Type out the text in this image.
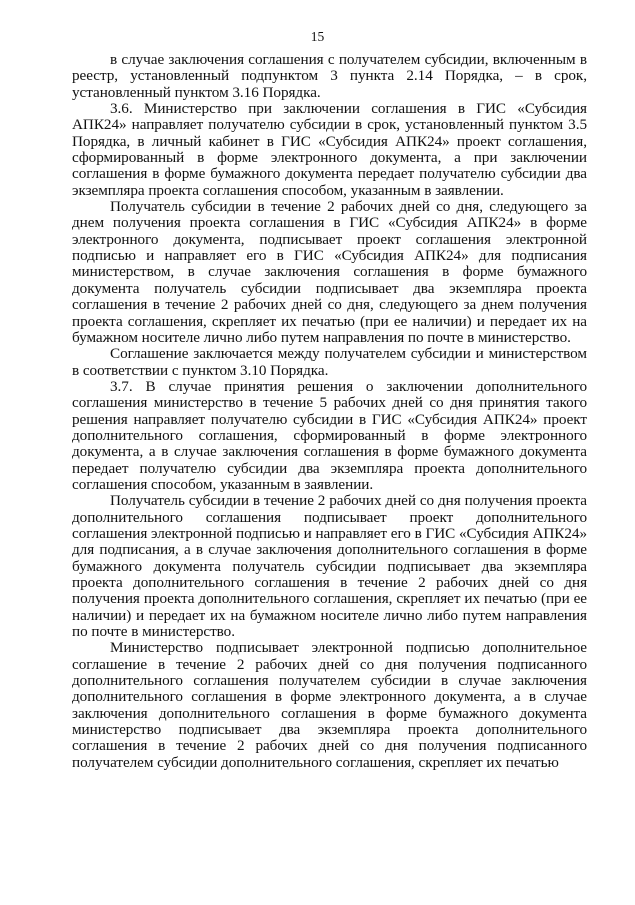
15

в случае заключения соглашения с получателем субсидии, включенным в реестр, установленный подпунктом 3 пункта 2.14 Порядка, – в срок, установленный пунктом 3.16 Порядка.

3.6. Министерство при заключении соглашения в ГИС «Субсидия АПК24» направляет получателю субсидии в срок, установленный пунктом 3.5 Порядка, в личный кабинет в ГИС «Субсидия АПК24» проект соглашения, сформированный в форме электронного документа, а при заключении соглашения в форме бумажного документа передает получателю субсидии два экземпляра проекта соглашения способом, указанным в заявлении.

Получатель субсидии в течение 2 рабочих дней со дня, следующего за днем получения проекта соглашения в ГИС «Субсидия АПК24» в форме электронного документа, подписывает проект соглашения электронной подписью и направляет его в ГИС «Субсидия АПК24» для подписания министерством, в случае заключения соглашения в форме бумажного документа получатель субсидии подписывает два экземпляра проекта соглашения в течение 2 рабочих дней со дня, следующего за днем получения проекта соглашения, скрепляет их печатью (при ее наличии) и передает их на бумажном носителе лично либо путем направления по почте в министерство.

Соглашение заключается между получателем субсидии и министерством в соответствии с пунктом 3.10 Порядка.

3.7. В случае принятия решения о заключении дополнительного соглашения министерство в течение 5 рабочих дней со дня принятия такого решения направляет получателю субсидии в ГИС «Субсидия АПК24» проект дополнительного соглашения, сформированный в форме электронного документа, а в случае заключения соглашения в форме бумажного документа передает получателю субсидии два экземпляра проекта дополнительного соглашения способом, указанным в заявлении.

Получатель субсидии в течение 2 рабочих дней со дня получения проекта дополнительного соглашения подписывает проект дополнительного соглашения электронной подписью и направляет его в ГИС «Субсидия АПК24» для подписания, а в случае заключения дополнительного соглашения в форме бумажного документа получатель субсидии подписывает два экземпляра проекта дополнительного соглашения в течение 2 рабочих дней со дня получения проекта дополнительного соглашения, скрепляет их печатью (при ее наличии) и передает их на бумажном носителе лично либо путем направления по почте в министерство.

Министерство подписывает электронной подписью дополнительное соглашение в течение 2 рабочих дней со дня получения подписанного дополнительного соглашения получателем субсидии в случае заключения дополнительного соглашения в форме электронного документа, а в случае заключения дополнительного соглашения в форме бумажного документа министерство подписывает два экземпляра проекта дополнительного соглашения в течение 2 рабочих дней со дня получения подписанного получателем субсидии дополнительного соглашения, скрепляет их печатью
